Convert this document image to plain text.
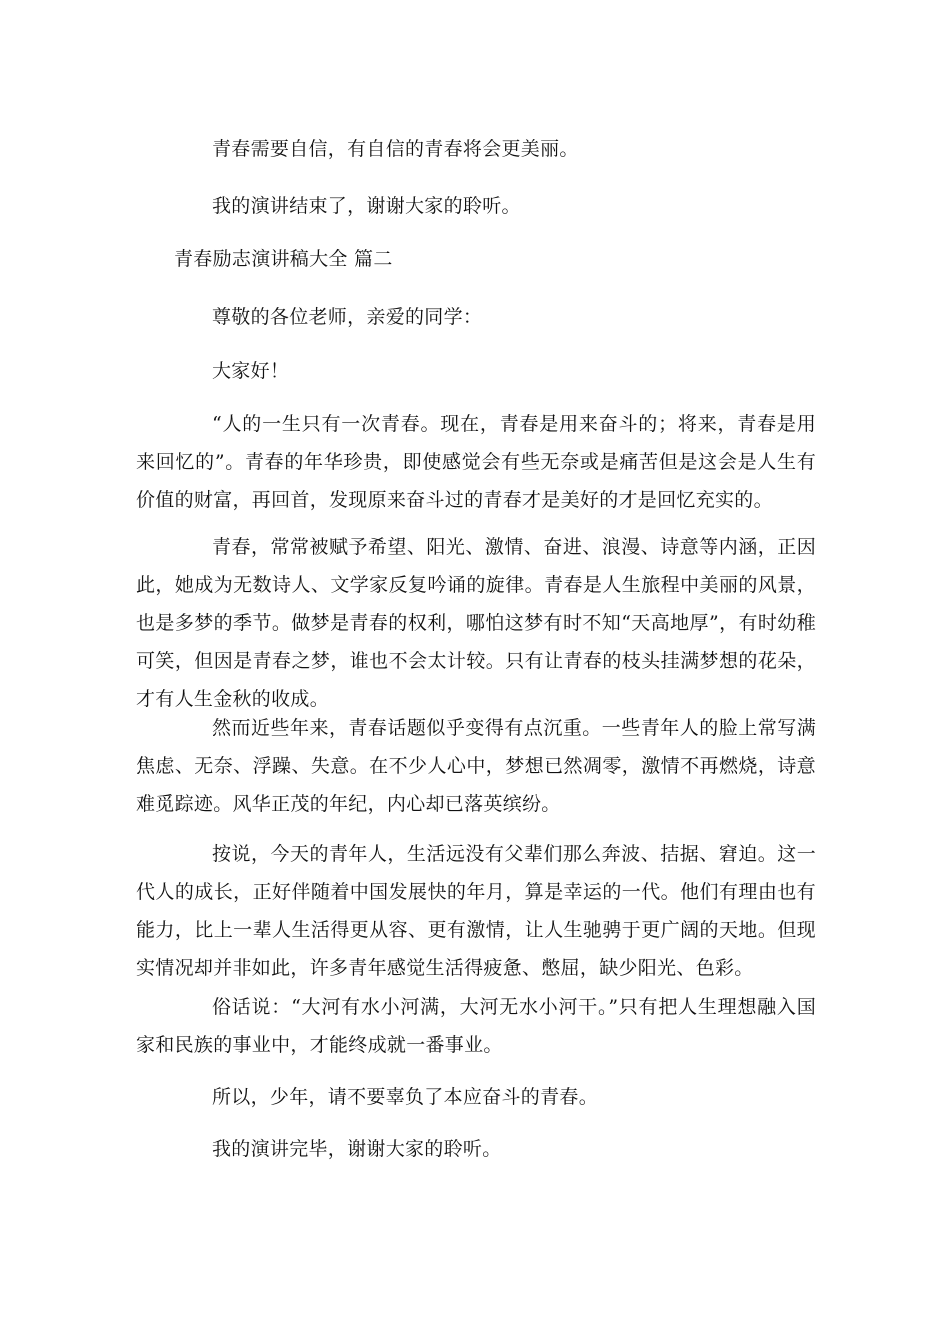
青春需要自信，有自信的青春将会更美丽。

我的演讲结束了，谢谢大家的聆听。

青春励志演讲稿大全 篇二

尊敬的各位老师，亲爱的同学：

大家好！

“人的一生只有一次青春。现在，青春是用来奋斗的；将来，青春是用来回忆的”。青春的年华珍贵，即使感觉会有些无奈或是痛苦但是这会是人生有价值的财富，再回首，发现原来奋斗过的青春才是美好的才是回忆充实的。

青春，常常被赋予希望、阳光、激情、奋进、浪漫、诗意等内涵，正因此，她成为无数诗人、文学家反复吟诵的旋律。青春是人生旅程中美丽的风景，也是多梦的季节。做梦是青春的权利，哪怕这梦有时不知“天高地厚”，有时幼稚可笑，但因是青春之梦，谁也不会太计较。只有让青春的枝头挂满梦想的花朵，才有人生金秋的收成。

然而近些年来，青春话题似乎变得有点沉重。一些青年人的脸上常写满焦虑、无奈、浮躁、失意。在不少人心中，梦想已然凋零，激情不再燃烧，诗意难觅踪迹。风华正茂的年纪，内心却已落英缤纷。

按说，今天的青年人，生活远没有父辈们那么奔波、拮据、窘迫。这一代人的成长，正好伴随着中国发展快的年月，算是幸运的一代。他们有理由也有能力，比上一辈人生活得更从容、更有激情，让人生驰骋于更广阔的天地。但现实情况却并非如此，许多青年感觉生活得疲惫、憋屈，缺少阳光、色彩。

俗话说：“大河有水小河满，大河无水小河干。”只有把人生理想融入国家和民族的事业中，才能终成就一番事业。

所以，少年，请不要辜负了本应奋斗的青春。

我的演讲完毕，谢谢大家的聆听。
